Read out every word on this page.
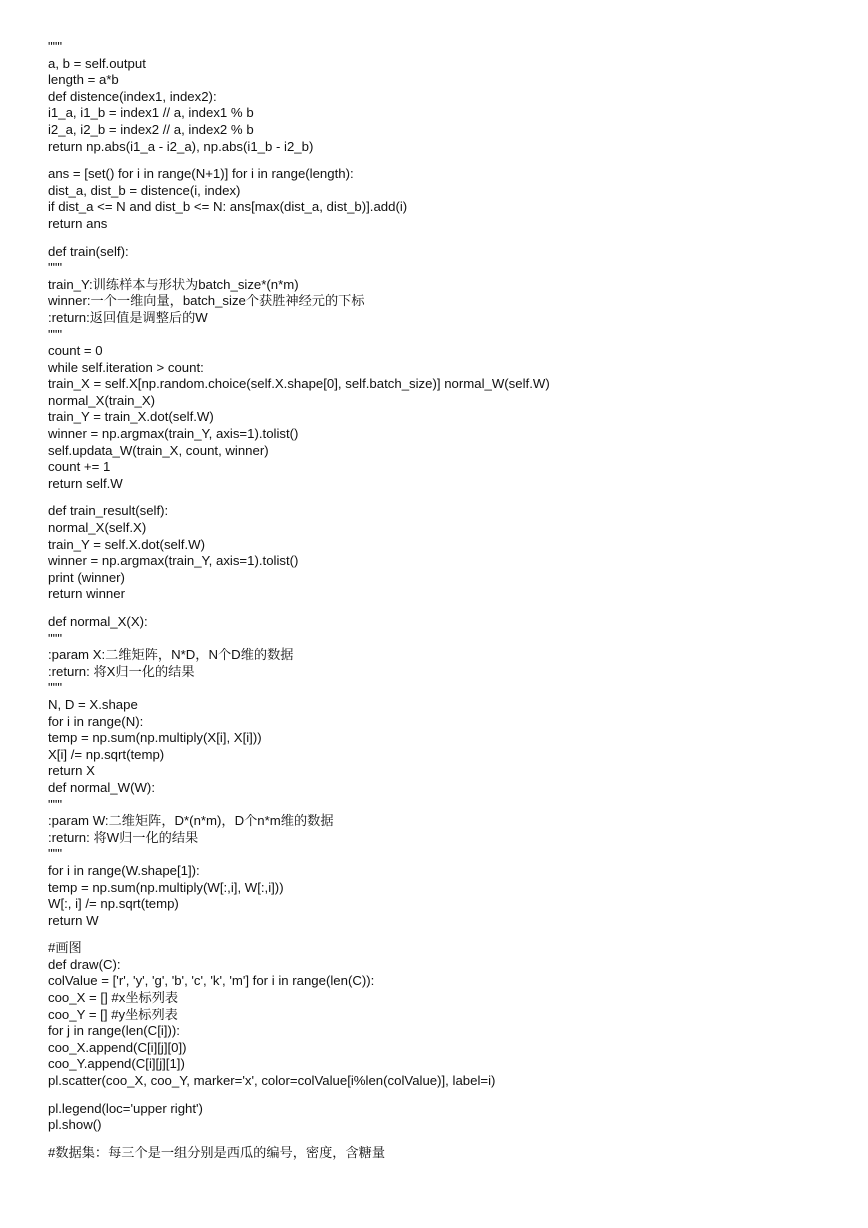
"""
a, b = self.output
length = a*b
def distence(index1, index2):
i1_a, i1_b = index1 // a, index1 % b
i2_a, i2_b = index2 // a, index2 % b
return np.abs(i1_a - i2_a), np.abs(i1_b - i2_b)
ans = [set() for i in range(N+1)] for i in range(length):
dist_a, dist_b = distence(i, index)
if dist_a <= N and dist_b <= N: ans[max(dist_a, dist_b)].add(i)
return ans
def train(self):
"""
train_Y:训练样本与形状为batch_size*(n*m)
winner:一个一维向量，batch_size个获胜神经元的下标
:return:返回值是调整后的W
"""
count = 0
while self.iteration > count:
train_X = self.X[np.random.choice(self.X.shape[0], self.batch_size)] normal_W(self.W)
normal_X(train_X)
train_Y = train_X.dot(self.W)
winner = np.argmax(train_Y, axis=1).tolist()
self.updata_W(train_X, count, winner)
count += 1
return self.W
def train_result(self):
normal_X(self.X)
train_Y = self.X.dot(self.W)
winner = np.argmax(train_Y, axis=1).tolist()
print (winner)
return winner
def normal_X(X):
"""
:param X:二维矩阵，N*D，N个D维的数据
:return: 将X归一化的结果
"""
N, D = X.shape
for i in range(N):
temp = np.sum(np.multiply(X[i], X[i]))
X[i] /= np.sqrt(temp)
return X
def normal_W(W):
"""
:param W:二维矩阵，D*(n*m)，D个n*m维的数据
:return: 将W归一化的结果
"""
for i in range(W.shape[1]):
temp = np.sum(np.multiply(W[:,i], W[:,i]))
W[:, i] /= np.sqrt(temp)
return W
#画图
def draw(C):
colValue = ['r', 'y', 'g', 'b', 'c', 'k', 'm'] for i in range(len(C)):
coo_X = [] #x坐标列表
coo_Y = [] #y坐标列表
for j in range(len(C[i])):
coo_X.append(C[i][j][0])
coo_Y.append(C[i][j][1])
pl.scatter(coo_X, coo_Y, marker='x', color=colValue[i%len(colValue)], label=i)
pl.legend(loc='upper right')
pl.show()
#数据集：每三个是一组分别是西瓜的编号，密度，含糖量
